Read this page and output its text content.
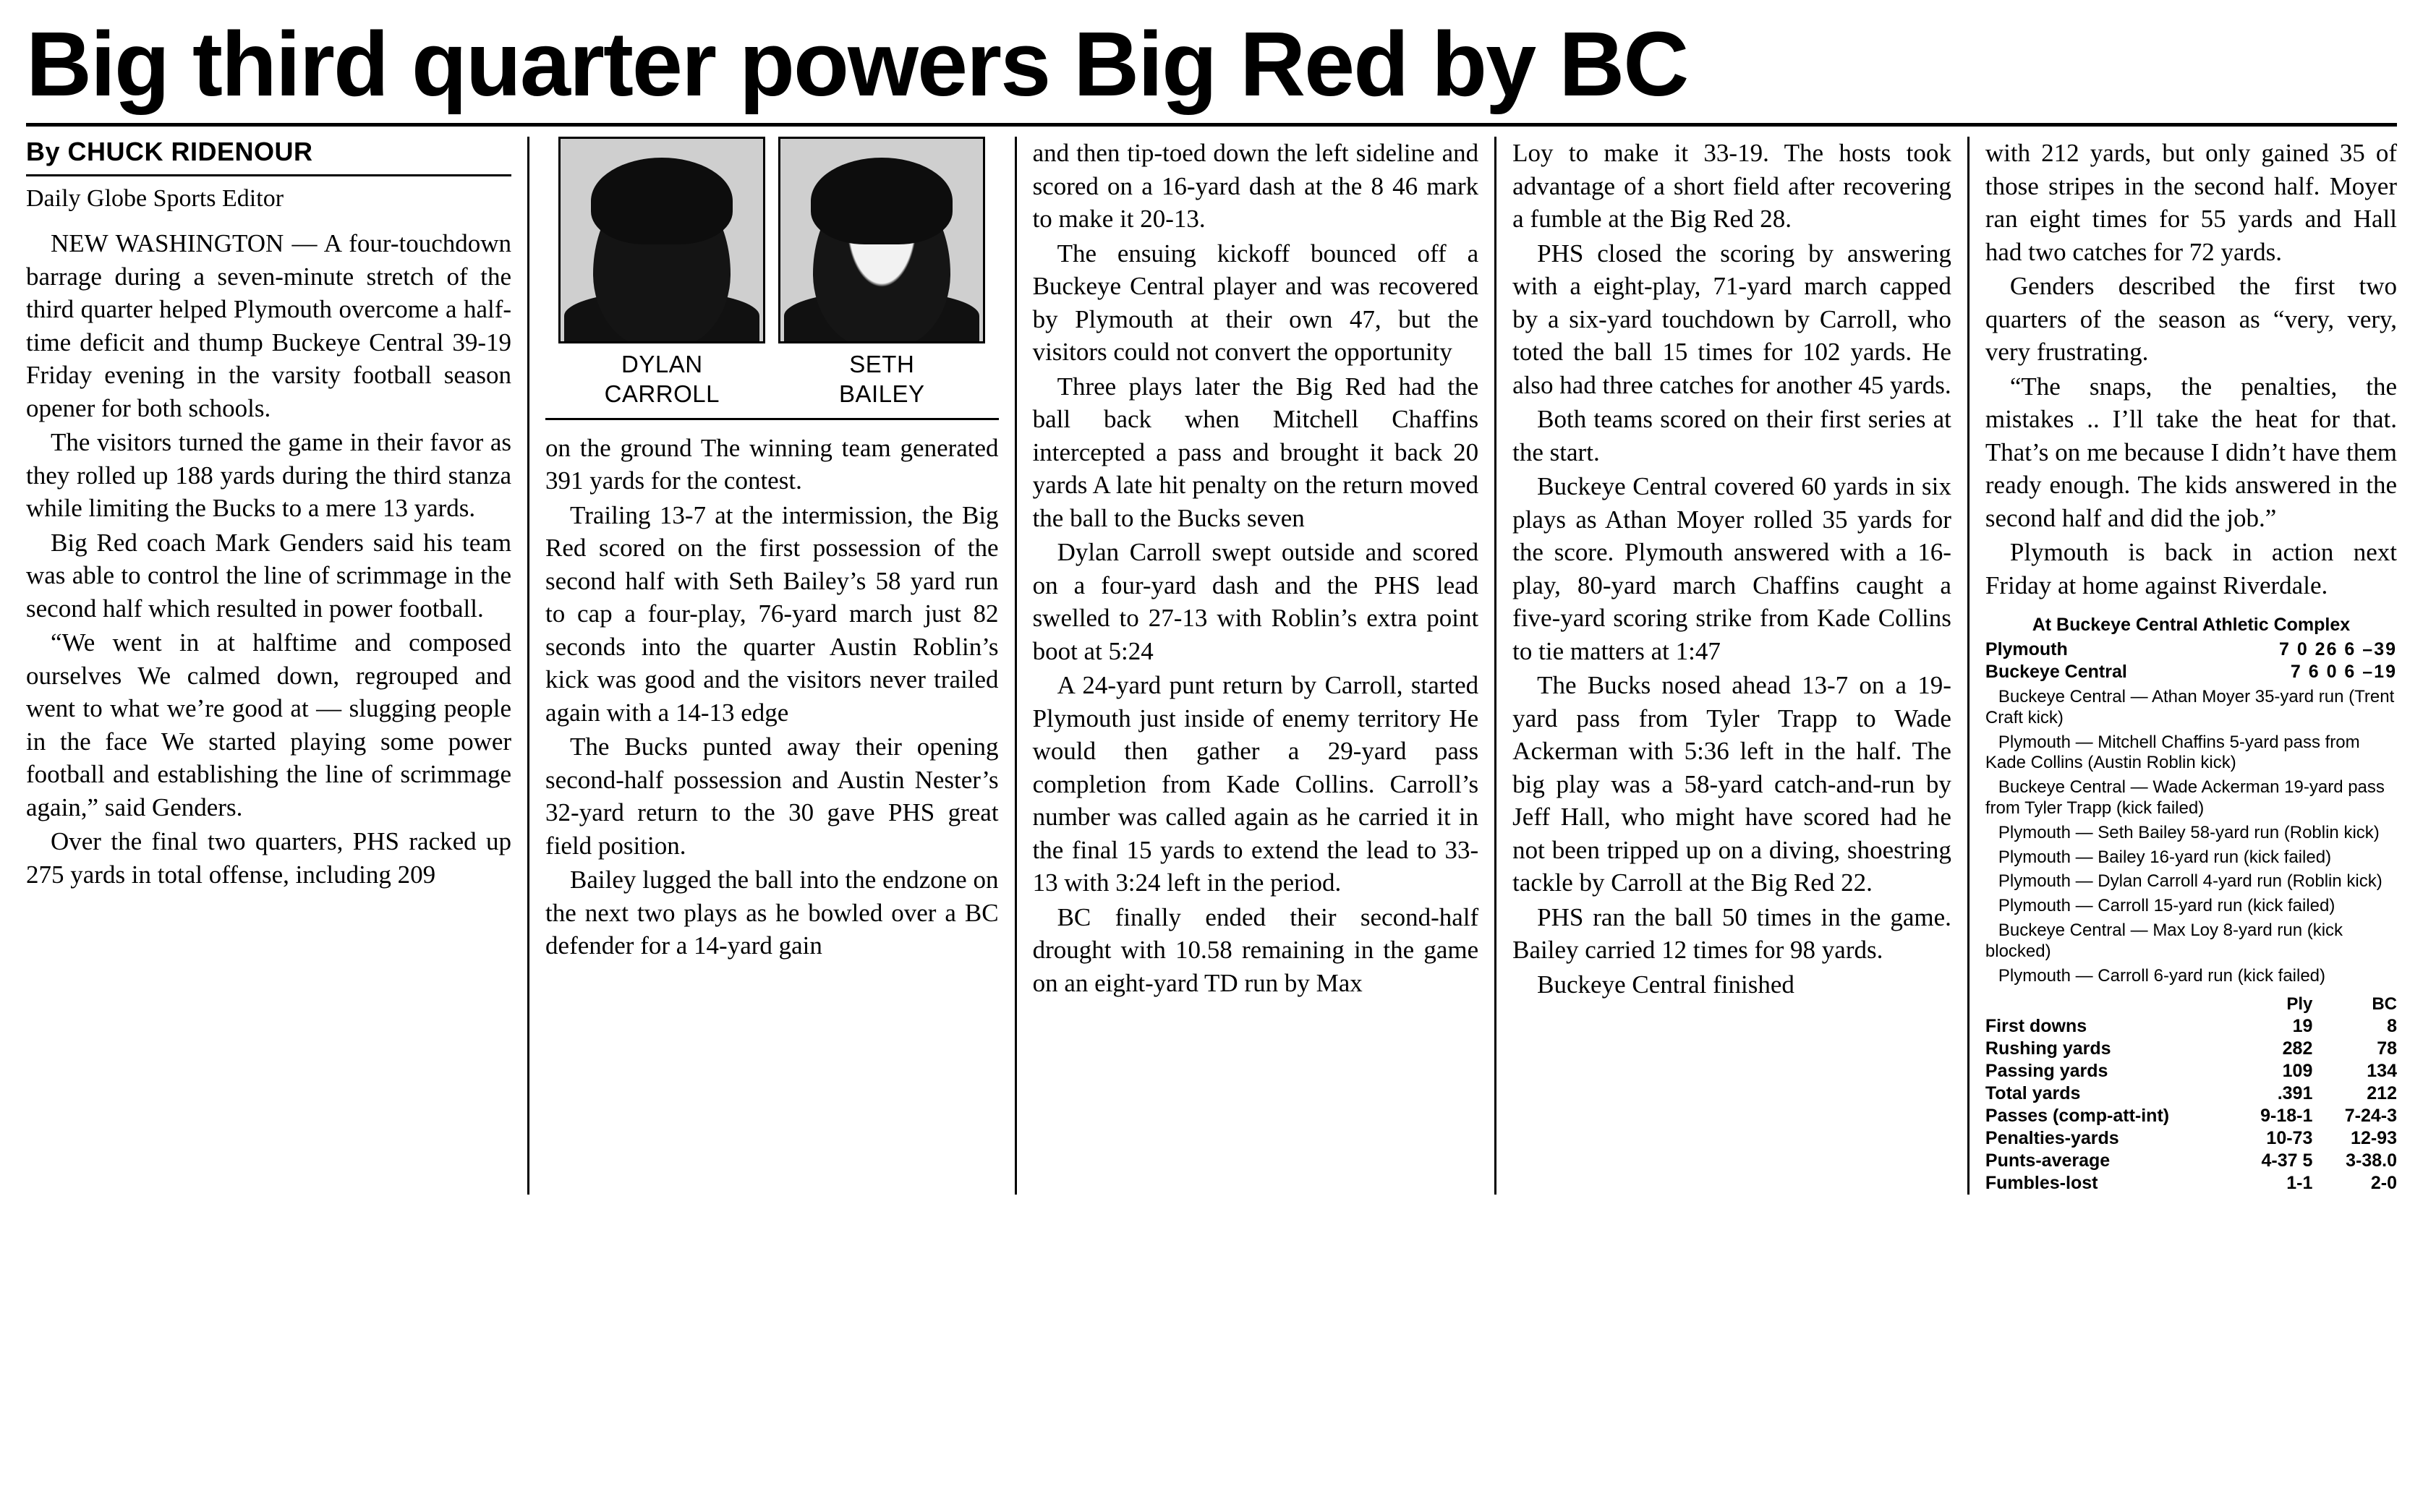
Big third quarter powers Big Red by BC
By CHUCK RIDENOUR
Daily Globe Sports Editor

NEW WASHINGTON — A four-touchdown barrage during a seven-minute stretch of the third quarter helped Plymouth overcome a half-time deficit and thump Buckeye Central 39-19 Friday evening in the varsity football season opener for both schools.

The visitors turned the game in their favor as they rolled up 188 yards during the third stanza while limiting the Bucks to a mere 13 yards.

Big Red coach Mark Genders said his team was able to control the line of scrimmage in the second half which resulted in power football.

“We went in at halftime and composed ourselves We calmed down, regrouped and went to what we’re good at — slugging people in the face We started playing some power football and establishing the line of scrimmage again,” said Genders.

Over the final two quarters, PHS racked up 275 yards in total offense, including 209

DYLAN
CARROLL
SETH
BAILEY

on the ground The winning team generated 391 yards for the contest.

Trailing 13-7 at the intermission, the Big Red scored on the first possession of the second half with Seth Bailey’s 58 yard run to cap a four-play, 76-yard march just 82 seconds into the quarter Austin Roblin’s kick was good and the visitors never trailed again with a 14-13 edge

The Bucks punted away their opening second-half possession and Austin Nester’s 32-yard return to the 30 gave PHS great field position.

Bailey lugged the ball into the endzone on the next two plays as he bowled over a BC defender for a 14-yard gain

and then tip-toed down the left sideline and scored on a 16-yard dash at the 8 46 mark to make it 20-13.

The ensuing kickoff bounced off a Buckeye Central player and was recovered by Plymouth at their own 47, but the visitors could not convert the opportunity

Three plays later the Big Red had the ball back when Mitchell Chaffins intercepted a pass and brought it back 20 yards A late hit penalty on the return moved the ball to the Bucks seven

Dylan Carroll swept outside and scored on a four-yard dash and the PHS lead swelled to 27-13 with Roblin’s extra point boot at 5:24

A 24-yard punt return by Carroll, started Plymouth just inside of enemy territory He would then gather a 29-yard pass completion from Kade Collins. Carroll’s number was called again as he carried it in the final 15 yards to extend the lead to 33-13 with 3:24 left in the period.

BC finally ended their second-half drought with 10.58 remaining in the game on an eight-yard TD run by Max

Loy to make it 33-19. The hosts took advantage of a short field after recovering a fumble at the Big Red 28.

PHS closed the scoring by answering with a eight-play, 71-yard march capped by a six-yard touchdown by Carroll, who toted the ball 15 times for 102 yards. He also had three catches for another 45 yards.

Both teams scored on their first series at the start.

Buckeye Central covered 60 yards in six plays as Athan Moyer rolled 35 yards for the score. Plymouth answered with a 16-play, 80-yard march Chaffins caught a five-yard scoring strike from Kade Collins to tie matters at 1:47

The Bucks nosed ahead 13-7 on a 19-yard pass from Tyler Trapp to Wade Ackerman with 5:36 left in the half. The big play was a 58-yard catch-and-run by Jeff Hall, who might have scored had he not been tripped up on a diving, shoestring tackle by Carroll at the Big Red 22.

PHS ran the ball 50 times in the game. Bailey carried 12 times for 98 yards.

Buckeye Central finished

with 212 yards, but only gained 35 of those stripes in the second half. Moyer ran eight times for 55 yards and Hall had two catches for 72 yards.

Genders described the first two quarters of the season as “very, very, very frustrating.

“The snaps, the penalties, the mistakes .. I’ll take the heat for that. That’s on me because I didn’t have them ready enough. The kids answered in the second half and did the job.”

Plymouth is back in action next Friday at home against Riverdale.

At Buckeye Central Athletic Complex
Plymouth	7 0 26 6 –39
Buckeye Central	7 6 0 6 –19
Buckeye Central — Athan Moyer 35-yard run (Trent Craft kick)
Plymouth — Mitchell Chaffins 5-yard pass from Kade Collins (Austin Roblin kick)
Buckeye Central — Wade Ackerman 19-yard pass from Tyler Trapp (kick failed)
Plymouth — Seth Bailey 58-yard run (Roblin kick)
Plymouth — Bailey 16-yard run (kick failed)
Plymouth — Dylan Carroll 4-yard run (Roblin kick)
Plymouth — Carroll 15-yard run (kick failed)
Buckeye Central — Max Loy 8-yard run (kick blocked)
Plymouth — Carroll 6-yard run (kick failed)
	Ply	BC
First downs	19	8
Rushing yards	282	78
Passing yards	109	134
Total yards	.391	212
Passes (comp-att-int)	9-18-1	7-24-3
Penalties-yards	10-73	12-93
Punts-average	4-37 5	3-38.0
Fumbles-lost	1-1	2-0
